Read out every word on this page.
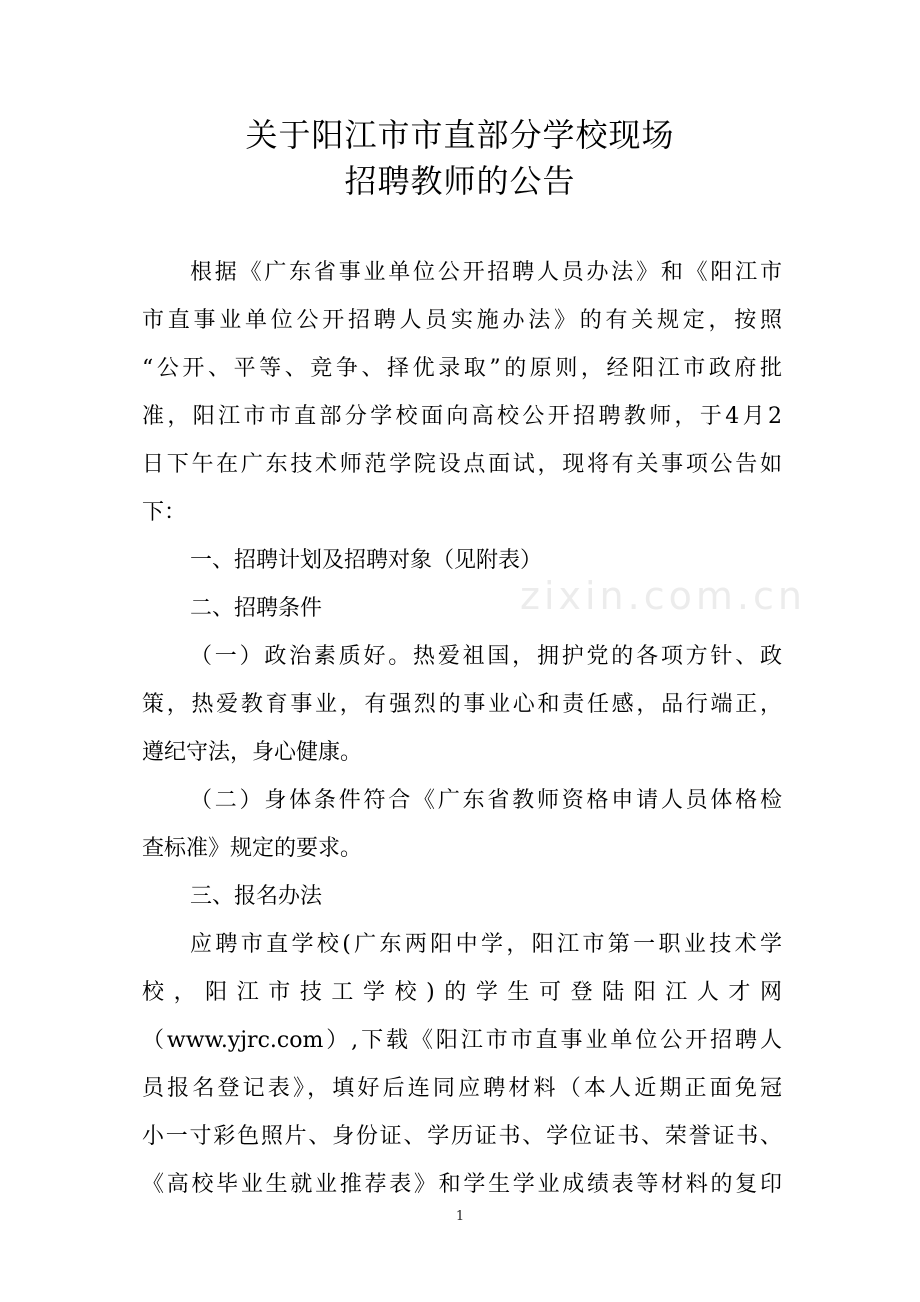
关于阳江市市直部分学校现场
招聘教师的公告
zixin.com.cn
根据《广东省事业单位公开招聘人员办法》和《阳江市
市直事业单位公开招聘人员实施办法》的有关规定，按照
“公开、平等、竞争、择优录取”的原则，经阳江市政府批
准，阳江市市直部分学校面向高校公开招聘教师，于4月2
日下午在广东技术师范学院设点面试，现将有关事项公告如
下：
一、招聘计划及招聘对象（见附表）
二、招聘条件
（一）政治素质好。热爱祖国，拥护党的各项方针、政
策，热爱教育事业，有强烈的事业心和责任感，品行端正，
遵纪守法，身心健康。
（二）身体条件符合《广东省教师资格申请人员体格检
查标准》规定的要求。
三、报名办法
应聘市直学校(广东两阳中学，阳江市第一职业技术学
校，阳江市技工学校)的学生可登陆阳江人才网
（www.yjrc.com）,下载《阳江市市直事业单位公开招聘人
员报名登记表》，填好后连同应聘材料（本人近期正面免冠
小一寸彩色照片、身份证、学历证书、学位证书、荣誉证书、
《高校毕业生就业推荐表》和学生学业成绩表等材料的复印
1
